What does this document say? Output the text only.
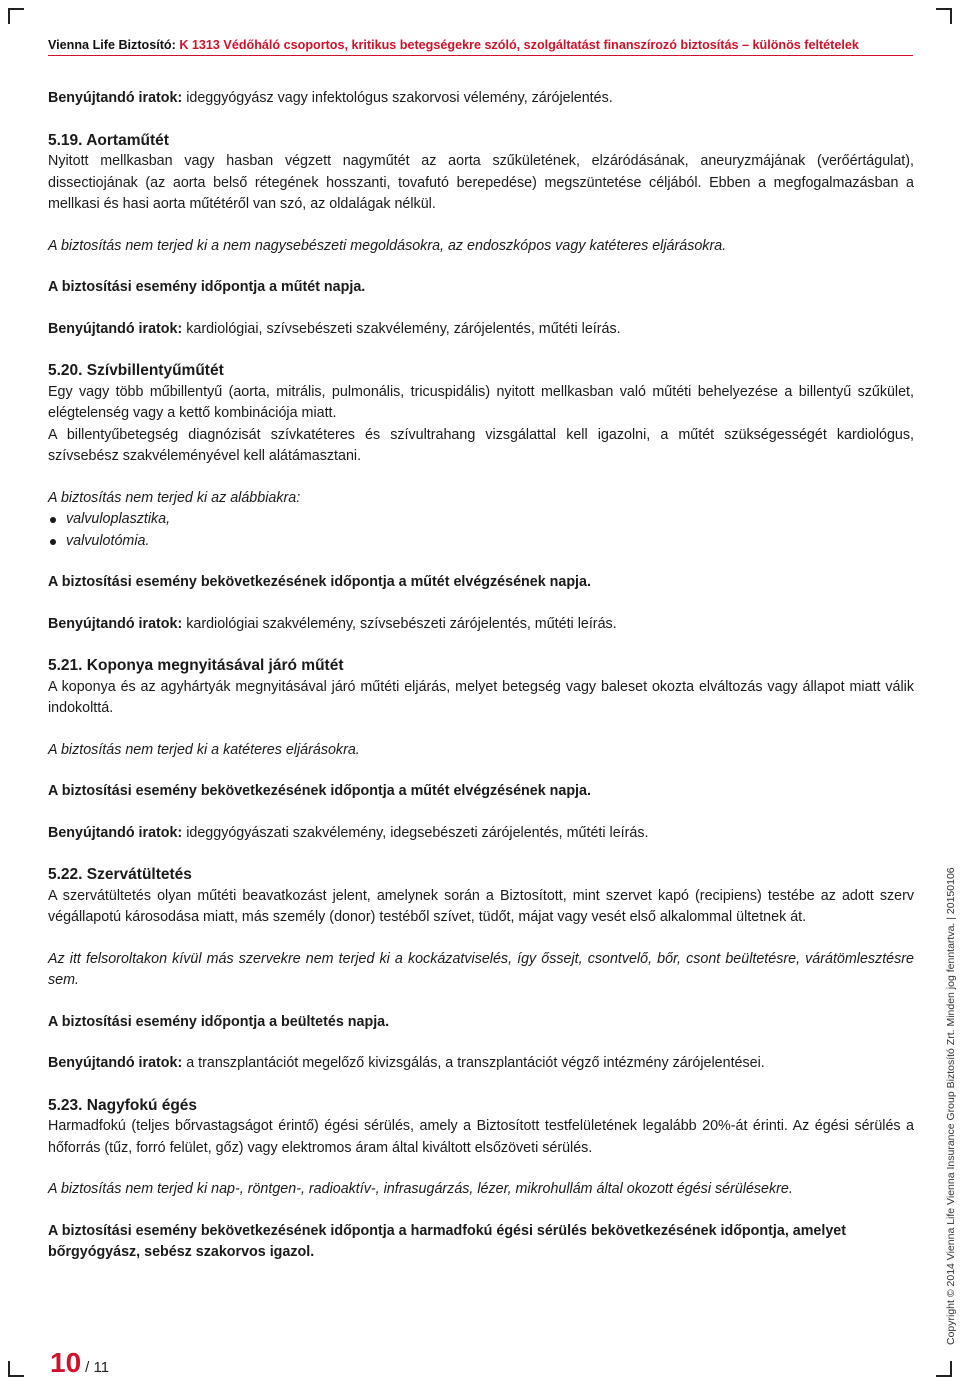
Vienna Life Biztosító: K 1313 Védőháló csoportos, kritikus betegségekre szóló, szolgáltatást finanszírozó biztosítás – különös feltételek

Benyújtandó iratok: ideggyógyász vagy infektológus szakorvosi vélemény, zárójelentés.

5.19. Aortaműtét

Nyitott mellkasban vagy hasban végzett nagyműtét az aorta szűkületének, elzáródásának, aneuryzmájának (verőértágulat), dissectiojának (az aorta belső rétegének hosszanti, tovafutó berepedése) megszüntetése céljából. Ebben a megfogalmazásban a mellkasi és hasi aorta műtétéről van szó, az oldalágak nélkül.

A biztosítás nem terjed ki a nem nagysebészeti megoldásokra, az endoszkópos vagy katéteres eljárásokra.

A biztosítási esemény időpontja a műtét napja.

Benyújtandó iratok: kardiológiai, szívsebészeti szakvélemény, zárójelentés, műtéti leírás.

5.20. Szívbillentyűműtét

Egy vagy több műbillentyű (aorta, mitrális, pulmonális, tricuspidális) nyitott mellkasban való műtéti behelyezése a billentyű szűkület, elégtelenség vagy a kettő kombinációja miatt.

A billentyűbetegség diagnózisát szívkatéteres és szívultrahang vizsgálattal kell igazolni, a műtét szükségességét kardiológus, szívsebész szakvéleményével kell alátámasztani.

A biztosítás nem terjed ki az alábbiakra:

valvuloplasztika,
valvulotómia.

A biztosítási esemény bekövetkezésének időpontja a műtét elvégzésének napja.

Benyújtandó iratok: kardiológiai szakvélemény, szívsebészeti zárójelentés, műtéti leírás.

5.21. Koponya megnyitásával járó műtét

A koponya és az agyhártyák megnyitásával járó műtéti eljárás, melyet betegség vagy baleset okozta elváltozás vagy állapot miatt válik indokolttá.

A biztosítás nem terjed ki a katéteres eljárásokra.

A biztosítási esemény bekövetkezésének időpontja a műtét elvégzésének napja.

Benyújtandó iratok: ideggyógyászati szakvélemény, idegsebészeti zárójelentés, műtéti leírás.

5.22. Szervátültetés

A szervátültetés olyan műtéti beavatkozást jelent, amelynek során a Biztosított, mint szervet kapó (recipiens) testébe az adott szerv végállapotú károsodása miatt, más személy (donor) testéből szívet, tüdőt, májat vagy vesét első alkalommal ültetnek át.

Az itt felsoroltakon kívül más szervekre nem terjed ki a kockázatviselés, így őssejt, csontvelő, bőr, csont beültetésre, várátömlesztésre sem.

A biztosítási esemény időpontja a beültetés napja.

Benyújtandó iratok: a transzplantációt megelőző kivizsgálás, a transzplantációt végző intézmény zárójelentései.

5.23. Nagyfokú égés

Harmadfokú (teljes bőrvastagságot érintő) égési sérülés, amely a Biztosított testfelületének legalább 20%-át érinti. Az égési sérülés a hőforrás (tűz, forró felület, gőz) vagy elektromos áram által kiváltott elsőzöveti sérülés.

A biztosítás nem terjed ki nap-, röntgen-, radioaktív-, infrasugárzás, lézer, mikrohullám által okozott égési sérülésekre.

A biztosítási esemény bekövetkezésének időpontja a harmadfokú égési sérülés bekövetkezésének időpontja, amelyet bőrgyógyász, sebész szakorvos igazol.	Copyright © 2014 Vienna Life Vienna Insurance Group Biztosító Zrt. Minden jog fenntartva. | 20150106
10 / 11
